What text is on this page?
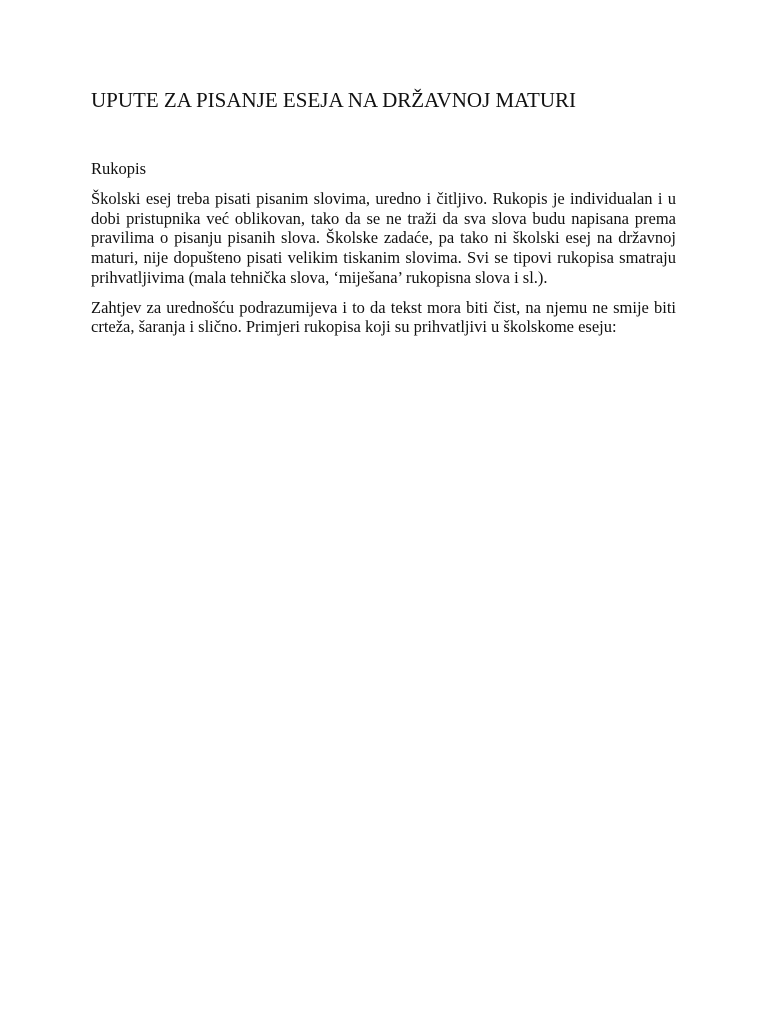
UPUTE ZA PISANJE ESEJA NA DRŽAVNOJ MATURI

Rukopis

Školski esej treba pisati pisanim slovima, uredno i čitljivo. Rukopis je individualan i u dobi pristupnika već oblikovan, tako da se ne traži da sva slova budu napisana prema pravilima o pisanju pisanih slova. Školske zadaće, pa tako ni školski esej na državnoj maturi, nije dopušteno pisati velikim tiskanim slovima. Svi se tipovi rukopisa smatraju prihvatljivima (mala tehnička slova, ‘miješana’ rukopisna slova i sl.).

Zahtjev za urednošću podrazumijeva i to da tekst mora biti čist, na njemu ne smije biti crteža, šaranja i slično. Primjeri rukopisa koji su prihvatljivi u školskome eseju:
